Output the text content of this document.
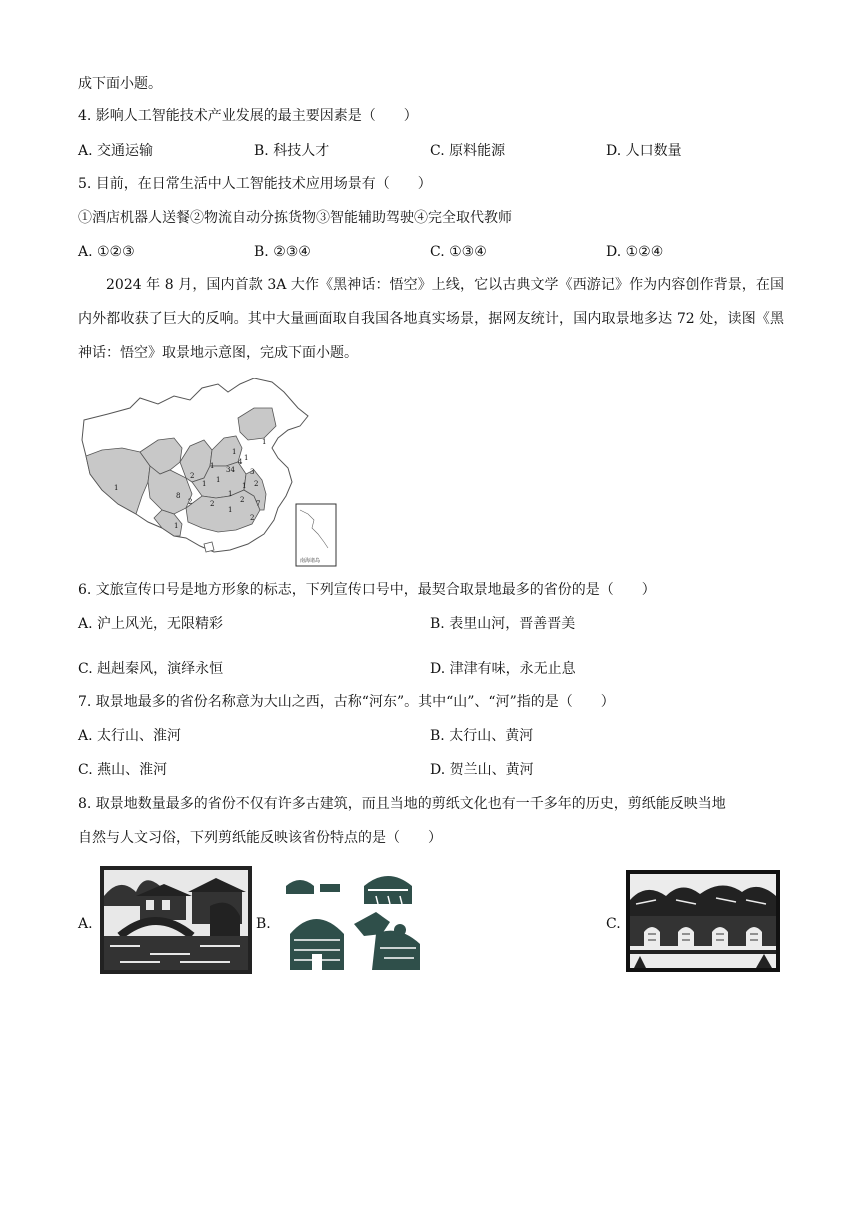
成下面小题。
4. 影响人工智能技术产业发展的最主要因素是（　　）
A. 交通运输	B. 科技人才	C. 原料能源	D. 人口数量
5. 目前，在日常生活中人工智能技术应用场景有（　　）
①酒店机器人送餐②物流自动分拣货物③智能辅助驾驶④完全取代教师
A. ①②③	B. ②③④	C. ①③④	D. ①②④
2024 年 8 月，国内首款 3A 大作《黑神话：悟空》上线，它以古典文学《西游记》作为内容创作背景，在国内外都收获了巨大的反响。其中大量画面取自我国各地真实场景，据网友统计，国内取景地多达 72 处，读图《黑神话：悟空》取景地示意图，完成下面小题。
1
1
8
1
34
4
2
1 1
1
1 2
1
3
2	2	7
2
1
2
1
1
南海诸岛
6. 文旅宣传口号是地方形象的标志，下列宣传口号中，最契合取景地最多的省份的是（　　）
A. 沪上风光，无限精彩	B. 表里山河，晋善晋美
C. 赳赳秦风，演绎永恒	D. 津津有味，永无止息
7. 取景地最多的省份名称意为大山之西，古称“河东”。其中“山”、“河”指的是（　　）
A. 太行山、淮河	B. 太行山、黄河
C. 燕山、淮河	D. 贺兰山、黄河
8. 取景地数量最多的省份不仅有许多古建筑，而且当地的剪纸文化也有一千多年的历史，剪纸能反映当地
自然与人文习俗，下列剪纸能反映该省份特点的是（　　）
A.	B.	C.
